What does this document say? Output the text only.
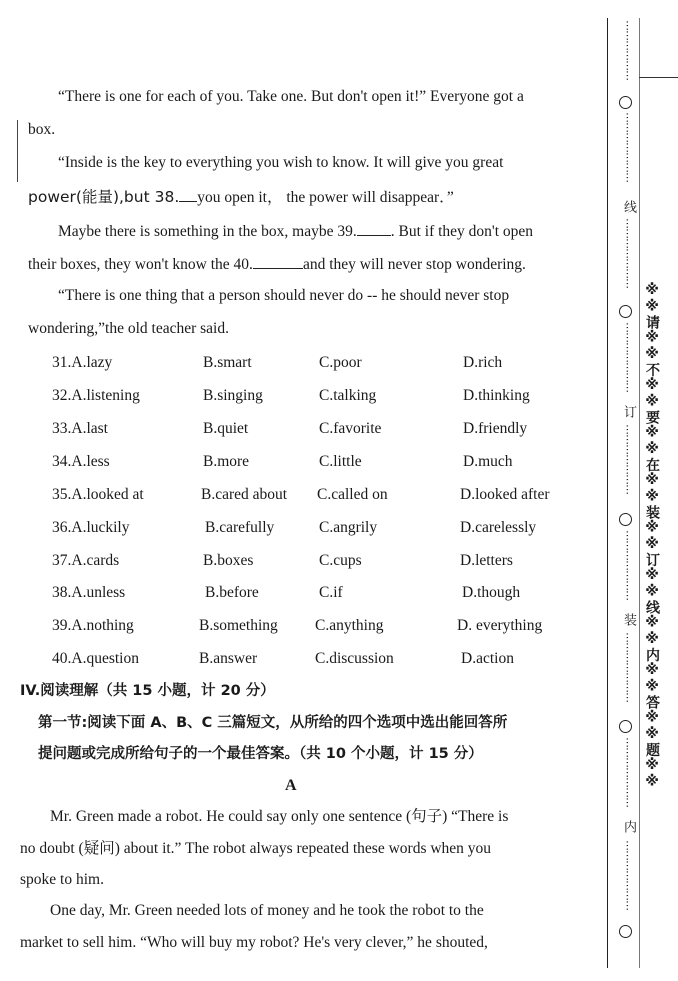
“There is one for each of you. Take one. But don't open it!” Everyone got a
box.
“Inside is the key to everything you wish to know. It will give you great
power(能量),but 38. you open it， the power will disappear．”
Maybe there is something in the box, maybe 39. . But if they don't open
their boxes, they won't know the 40.	and they will never stop wondering.
“There is one thing that a person should never do -- he should never stop
wondering,”the old teacher said.
31.A.lazy	B.smart	C.poor	D.rich
32.A.listening	B.singing	C.talking	D.thinking
33.A.last	B.quiet	C.favorite	D.friendly
34.A.less	B.more	C.little	D.much
35.A.looked at	B.cared about C.called on	D.looked after
36.A.luckily	B.carefully	C.angrily	D.carelessly
37.A.cards	B.boxes	C.cups	D.letters
38.A.unless	B.before	C.if	D.though
39.A.nothing	B.something C.anything	D. everything
40.A.question	B.answer	C.discussion	D.action
IV.阅读理解（共 15 小题，计 20 分）
第一节:阅读下面 A、B、C 三篇短文，从所给的四个选项中选出能回答所
提问题或完成所给句子的一个最佳答案。（共 10 个小题，计 15 分）
A
Mr. Green made a robot. He could say only one sentence (句子) “There is
no doubt (疑问) about it.” The robot always repeated these words when you
spoke to him.
One day, Mr. Green needed lots of money and he took the robot to the
market to sell him. “Who will buy my robot? He's very clever,” he shouted,
⋯⋯⋯⋯⋯⋯
⋯⋯⋯⋯⋯⋯⋯
线
⋯⋯⋯⋯⋯⋯⋯
⋯⋯⋯⋯⋯⋯⋯
订
⋯⋯⋯⋯⋯⋯⋯
⋯⋯⋯⋯⋯⋯⋯
装
⋯⋯⋯⋯⋯⋯⋯
⋯⋯⋯⋯⋯⋯⋯
内
⋯⋯⋯⋯⋯⋯⋯
※※请※※不※※要※※在※※装※※订※※线※※内※※答※※题※※
